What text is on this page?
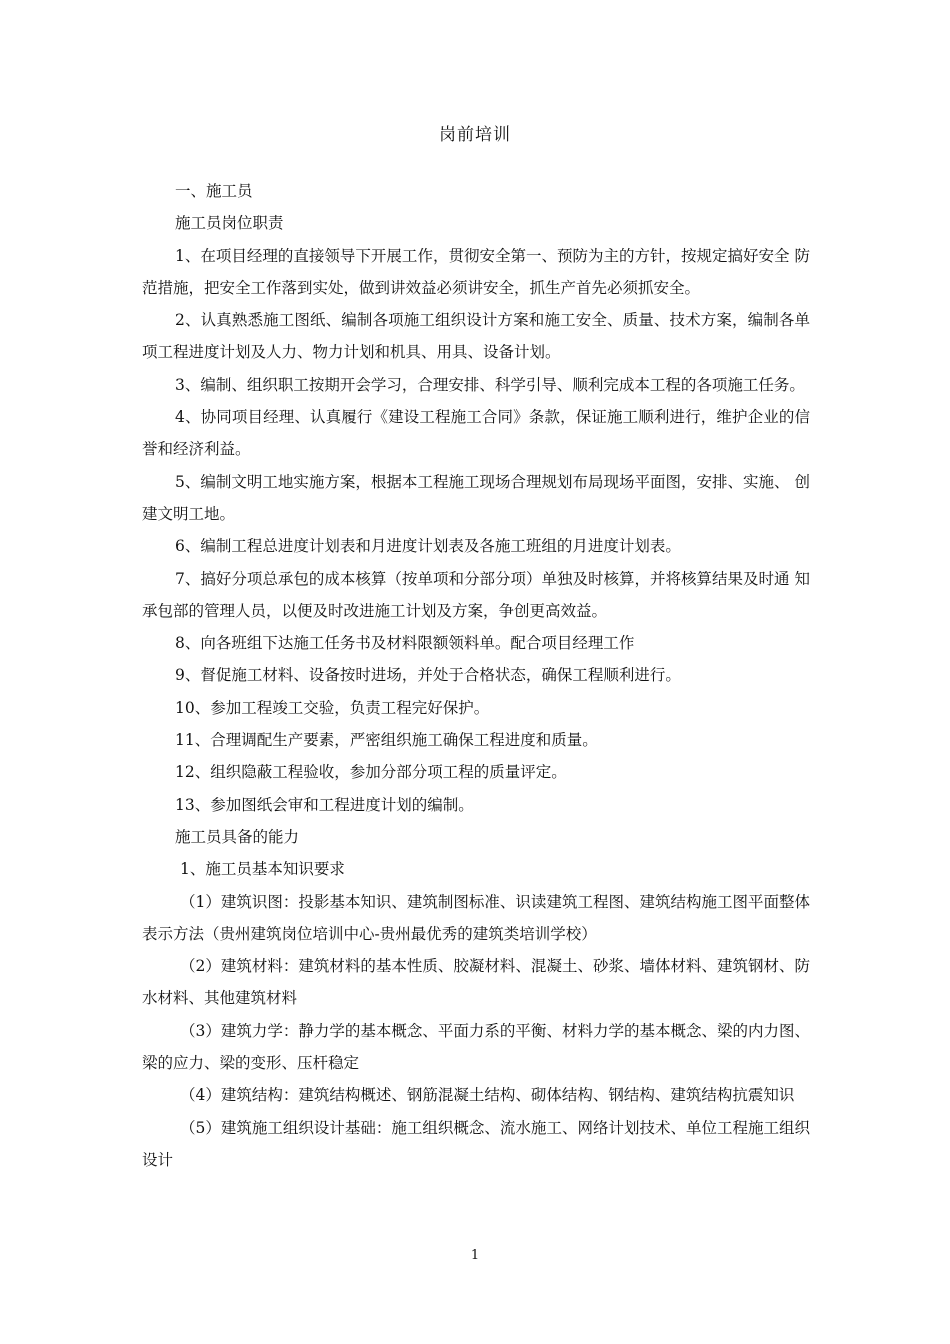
岗前培训

一、施工员

施工员岗位职责

1、在项目经理的直接领导下开展工作，贯彻安全第一、预防为主的方针，按规定搞好安全 防范措施，把安全工作落到实处，做到讲效益必须讲安全，抓生产首先必须抓安全。

2、认真熟悉施工图纸、编制各项施工组织设计方案和施工安全、质量、技术方案，编制各单项工程进度计划及人力、物力计划和机具、用具、设备计划。

3、编制、组织职工按期开会学习，合理安排、科学引导、顺利完成本工程的各项施工任务。

4、协同项目经理、认真履行《建设工程施工合同》条款，保证施工顺利进行，维护企业的信誉和经济利益。

5、编制文明工地实施方案，根据本工程施工现场合理规划布局现场平面图，安排、实施、 创建文明工地。

6、编制工程总进度计划表和月进度计划表及各施工班组的月进度计划表。

7、搞好分项总承包的成本核算（按单项和分部分项）单独及时核算，并将核算结果及时通 知承包部的管理人员，以便及时改进施工计划及方案，争创更高效益。

8、向各班组下达施工任务书及材料限额领料单。配合项目经理工作

9、督促施工材料、设备按时进场，并处于合格状态，确保工程顺利进行。

10、参加工程竣工交验，负责工程完好保护。

11、合理调配生产要素，严密组织施工确保工程进度和质量。

12、组织隐蔽工程验收，参加分部分项工程的质量评定。

13、参加图纸会审和工程进度计划的编制。

施工员具备的能力

1、施工员基本知识要求

（1）建筑识图：投影基本知识、建筑制图标准、识读建筑工程图、建筑结构施工图平面整体表示方法（贵州建筑岗位培训中心-贵州最优秀的建筑类培训学校）

（2）建筑材料：建筑材料的基本性质、胶凝材料、混凝土、砂浆、墙体材料、建筑钢材、防水材料、其他建筑材料

（3）建筑力学：静力学的基本概念、平面力系的平衡、材料力学的基本概念、梁的内力图、梁的应力、梁的变形、压杆稳定

（4）建筑结构：建筑结构概述、钢筋混凝土结构、砌体结构、钢结构、建筑结构抗震知识

（5）建筑施工组织设计基础：施工组织概念、流水施工、网络计划技术、单位工程施工组织设计

1
